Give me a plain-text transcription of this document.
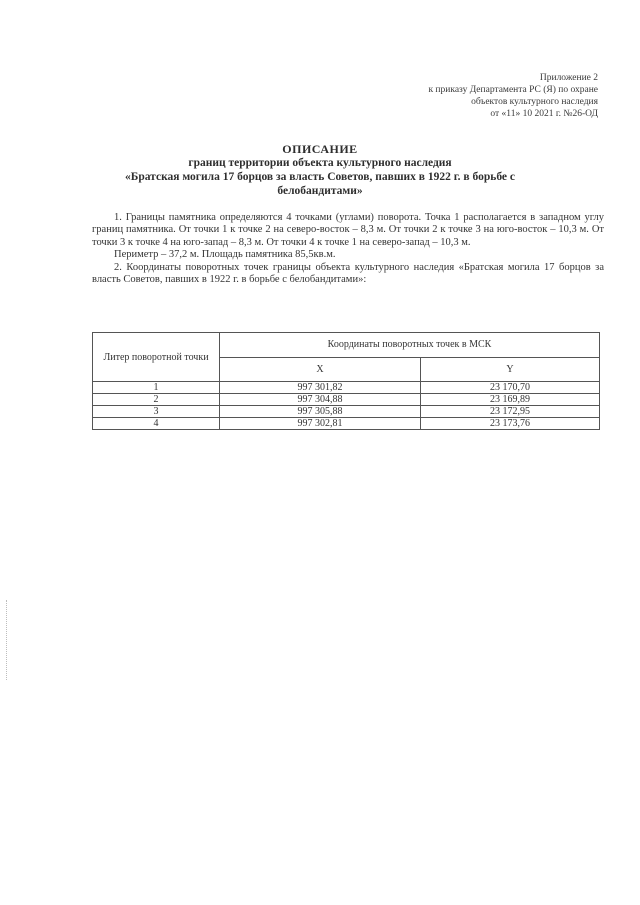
Приложение 2
к приказу Департамента РС (Я) по охране
объектов культурного наследия
от «11» 10 2021 г. №26-ОД
ОПИСАНИЕ
границ территории объекта культурного наследия
«Братская могила 17 борцов за власть Советов, павших в 1922 г. в борьбе с
белобандитами»

1. Границы памятника определяются 4 точками (углами) поворота. Точка 1 располагается в западном углу границ памятника. От точки 1 к точке 2 на северо-восток – 8,3 м. От точки 2 к точке 3 на юго-восток – 10,3 м. От точки 3 к точке 4 на юго-запад – 8,3 м. От точки 4 к точке 1 на северо-запад – 10,3 м.

Периметр – 37,2 м. Площадь памятника 85,5кв.м.

2. Координаты поворотных точек границы объекта культурного наследия «Братская могила 17 борцов за власть Советов, павших в 1922 г. в борьбе с белобандитами»:

Литер поворотной точки	Координаты поворотных точек в МСК	
	X	Y
1	997 301,82	23 170,70
2	997 304,88	23 169,89
3	997 305,88	23 172,95
4	997 302,81	23 173,76
